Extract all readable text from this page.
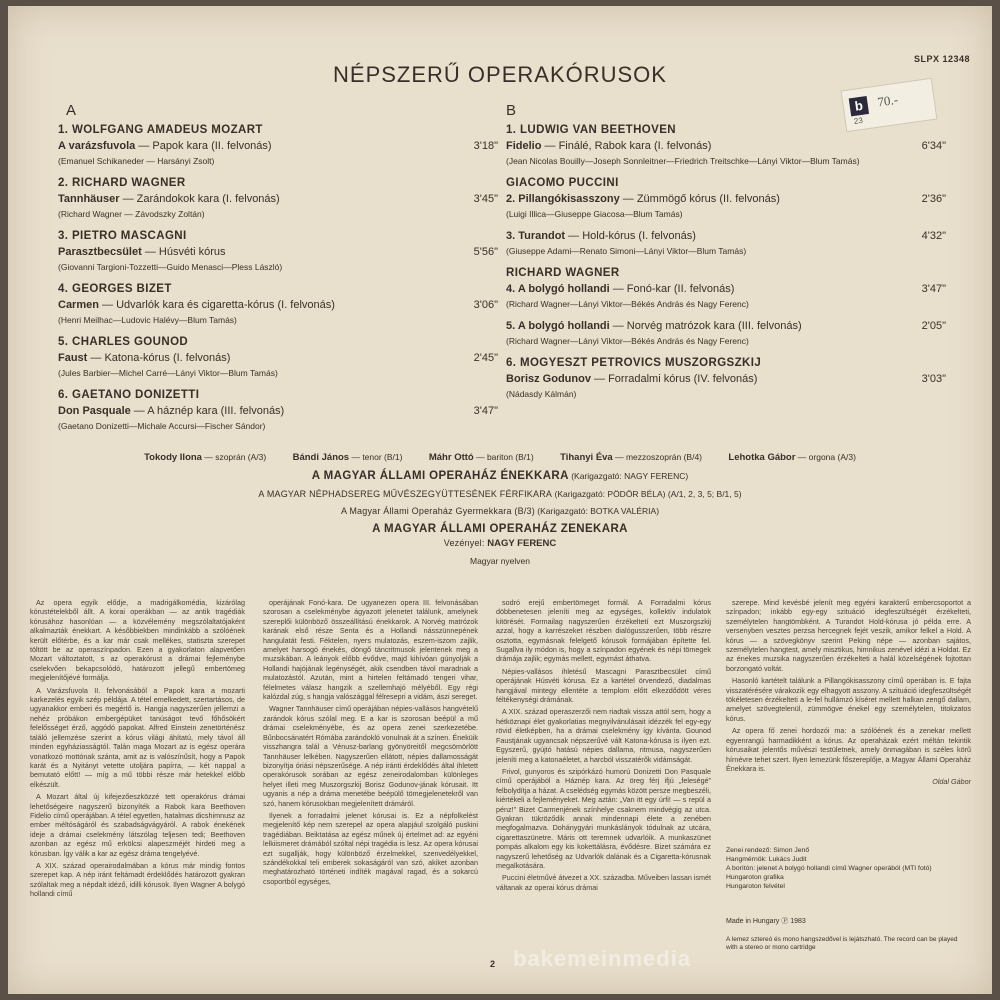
SLPX 12348
b 70.-
23
NÉPSZERŰ OPERAKÓRUSOK
A	B
1. WOLFGANG AMADEUS MOZART
A varázsfuvola — Papok kara (II. felvonás)	3'18"
(Emanuel Schikaneder — Harsányi Zsolt)
2. RICHARD WAGNER
Tannhäuser — Zarándokok kara (I. felvonás)	3'45"
(Richard Wagner — Závodszky Zoltán)
3. PIETRO MASCAGNI
Parasztbecsület — Húsvéti kórus	5'56"
(Giovanni Targioni-Tozzetti—Guido Menasci—Pless László)
4. GEORGES BIZET
Carmen — Udvarlók kara és cigaretta-kórus (I. felvonás)	3'06"
(Henri Meilhac—Ludovic Halévy—Blum Tamás)
5. CHARLES GOUNOD
Faust — Katona-kórus (I. felvonás)	2'45"
(Jules Barbier—Michel Carré—Lányi Viktor—Blum Tamás)
6. GAETANO DONIZETTI
Don Pasquale — A háznép kara (III. felvonás)	3'47"
(Gaetano Donizetti—Michale Accursi—Fischer Sándor)
1. LUDWIG VAN BEETHOVEN
Fidelio — Finálé, Rabok kara (I. felvonás)	6'34"
(Jean Nicolas Bouilly—Joseph Sonnleitner—Friedrich Treitschke—Lányi Viktor—Blum Tamás)
GIACOMO PUCCINI
2. Pillangókisasszony — Zümmögő kórus (II. felvonás)	2'36"
(Luigi Illica—Giuseppe Giacosa—Blum Tamás)
3. Turandot — Hold-kórus (I. felvonás)	4'32"
(Giuseppe Adami—Renato Simoni—Lányi Viktor—Blum Tamás)
RICHARD WAGNER
4. A bolygó hollandi — Fonó-kar (II. felvonás)	3'47"
(Richard Wagner—Lányi Viktor—Békés András és Nagy Ferenc)
5. A bolygó hollandi — Norvég matrózok kara (III. felvonás)	2'05"
(Richard Wagner—Lányi Viktor—Békés András és Nagy Ferenc)
6. MOGYESZT PETROVICS MUSZORGSZKIJ
Borisz Godunov — Forradalmi kórus (IV. felvonás)	3'03"
(Nádasdy Kálmán)
Tokody Ilona — szoprán (A/3)	Bándi János — tenor (B/1)	Máhr Ottó — bariton (B/1)	Tihanyi Éva — mezzoszoprán (B/4)	Lehotka Gábor — orgona (A/3)
A MAGYAR ÁLLAMI OPERAHÁZ ÉNEKKARA (Karigazgató: NAGY FERENC)
A MAGYAR NÉPHADSEREG MŰVÉSZEGYÜTTESÉNEK FÉRFIKARA (Karigazgató: PÖDÖR BÉLA) (A/1, 2, 3, 5; B/1, 5)
A Magyar Állami Operaház Gyermekkara (B/3) (Karigazgató: BOTKA VALÉRIA)
A MAGYAR ÁLLAMI OPERAHÁZ ZENEKARA
Vezényel: NAGY FERENC
Magyar nyelven

Az opera egyik elődje, a madrigálkomédia, kizárólag kórustételekből állt. A korai operákban — az antik tragédiák kórusához hasonlóan — a közvélemény megszólaltatójaként alkalmazták énekkart. A későbbiekben mindinkább a szólóének került előtérbe, és a kar már csak mellékes, statiszta szerepet töltött be az operaszínpadon. Ezen a gyakorlaton alapvetően Mozart változtatott, s az operakórust a drámai fejleménybe cselekvően bekapcsolódó, határozott jellegű embertömeg megjelenítőjévé formálja.

A Varázsfuvola II. felvonásából a Papok kara a mozarti karkezelés egyik szép példája. A tétel emelkedett, szertartásos, de ugyanakkor emberi és megértő is. Hangja nagyszerűen jellemzi a nehéz próbákon embergépüket tanúságot tevő főhősökért felelősséget érző, aggódó papokat. Alfred Einstein zenetörténész találó jellemzése szerint a kórus világi áhítatú, mely távol áll minden egyháziasságtól. Talán maga Mozart az is egész operára vonatkozó mottónak szánta, amit az is valószínűsít, hogy a Papok karát és a Nyitányt vetette utoljára papírra, — két nappal a bemutató előtt! — míg a mű többi része már hetekkel előbb elkészült.

A Mozart által új kifejezőeszközzé tett operakórus drámai lehetőségeire nagyszerű bizonyíték a Rabok kara Beethoven Fidelio című operájában. A tétel egyetlen, hatalmas dicshimnusz az ember méltóságáról és szabadságvágyáról. A rabok énekének ideje a drámai cselekmény látszólag teljesen tedi; Beethoven azonban az egész mű erkölcsi alapeszméjét hirdeti meg a kórusban. Így válik a kar az egész dráma tengelyévé.

A XIX. század operairodalmában a kórus már mindig fontos szerepet kap. A nép iránt feltámadt érdeklődés határozott gyakran szólaltak meg a népdalt idéző, idilli kórusok. Ilyen Wagner A bolygó hollandi című

operájának Fonó-kara. De ugyanezen opera III. felvonásában szorosan a cselekménybe ágyazott jelenetet találunk, amelynek szereplői különböző összeállítású énekkarok. A Norvég matrózok karának első része Senta és a Hollandi násszünnepének hangulatát festi. Féktelen, nyers mulatozás, eszem-iszom zajlik, amelyet harsogó énekés, döngő táncritmusok jelentenek meg a muzsikában. A leányok előbb évődve, majd kihívóan gúnyolják a Hollandi hajójának legénységét, akik csendben távol maradnak a mulatozástól. Azután, mint a hirtelen feltámadó tengeri vihar, félelmetes válasz hangzik a szellemhajó mélyéből. Egy régi kalózdal zúg, s hangja valószággal félresepri a vidám, ászi sereget.

Wagner Tannhäuser című operájában népies-vallásos hangvételű zarándok kórus szólal meg. E a kar is szorosan beépül a mű drámai cselekményébe, és az opera zenei szerkezetébe. Bűnbocsánatért Rómába zarándokló vonulnak át a színen. Éneküik visszhangra talál a Vénusz-barlang gyönyöreitől megcsömörlött Tannhäuser lelkében. Nagyszerűen ellátott, népies dallamosságát bizonyítja óriási népszerűsége. A nép iránti érdeklődés által ihletett operakórusok sorában az egész zeneirodalomban különleges helyet illeti meg Muszorgszkij Borisz Godunov-jának kórusait. Itt ugyanis a nép a dráma menetébe beépülő tömegjelenetekről van szó, hanem kórusokban megjelenített drámáról.

Ilyenek a forradalmi jelenet kórusai is. Ez a népfolkelést megjelenítő kép nem szerepel az opera alapjául szolgáló puskini tragédiában. Beiktatása az egész műnek új értelmet ad: az egyéni lelkiismeret drámából szóltal népi tragédia is lesz. Az opera kórusai ezt sugallják, hogy különböző érzelmekkel, szenvedélyekkel, szándékokkal teli emberek sokaságáról van szó, akiket azonban meghatározható történeti indíték magával ragad, és a sokarcú csoportból egységes,

sodró erejű embertömeget formál. A Forradalmi kórus döbbenetesen jeleníti meg az egységes, kollektív indulatok kitörését. Formailag nagyszerűen érzékeltetí ezt Muszorgszkij azzal, hogy a karrészeket részben dialógusszerűen, több részre osztotta, egymásnak felelgető kórusok formájában építette fel. Sugallva ily módon is, hogy a színpadon egyének és népi tömegek drámája zajlik; egymás mellett, egymást áthatva.

Népies-vallásos ihletésű Mascagni Parasztbecsület című operájának Húsvéti kórusa. Ez a kartétel örvendező, diadalmas hangjával mintegy ellentéte a templom előtt elkezdődött véres féltékenységi drámának.

A XIX. század operaszerzői nem riadtak vissza attól sem, hogy a hétköznapi élet gyakorlatias megnyilvánulásait idézzék fel egy-egy rövid életképben, ha a drámai cselekmény így kívánta. Gounod Faustjának ugyancsak népszerűvé vált Katona-kórusa is ilyen ezt. Egyszerű, gyújtó hatású népies dallama, ritmusa, nagyszerűen jeleníti meg a katonaéletet, a harcból visszatérők vidámságát.

Frivol, gunyoros és szipórkázó humorú Donizetti Don Pasquale című operájából a Háznép kara. Az öreg férj ifjú „feleségé” felbolydítja a házat. A cselédség egymás között persze megbeszéli, kiértékeli a fejleményeket. Meg aztán: „Van itt egy úrfi! — s repül a pénz!” Bizet Carmenjének színhelye csaknem mindvégig az utca. Gyakran tükröződik annak mindennapi élete a zenében megfogalmazva. Dohánygyári munkáslányok tódulnak az utcára, cigarettaszünetre. Máris ott teremnek udvarlóik. A munkaszünet pompás alkalom egy kis kokettálásra, évődésre. Bizet számára ez nagyszerű lehetőség az Udvarlók dalának és a Cigaretta-kórusnak megalkotására.

Puccini életművé átvezet a XX. századba. Műveiben lassan ismét váltanak az operai kórus drámai

szerepe. Mind kevésbé jelenít meg egyéni karakterű embercsoportot a színpadon; inkább egy-egy szituáció idegfeszültségét érzékelteti, személytelen hangtömbként. A Turandot Hold-kórusa jó példa erre. A versenyben vesztes perzsa hercegnek fejét veszik, amikor felkel a Hold. A kórus — a szövegkönyv szerint Peking népe — azonban sajátos, személytelen hangtest, amely misztikus, himnikus zenével idézi a Holdat. Ez az énekes muzsika nagyszerűen érzékelteti a halál közelségének fojtottan borzongató voltát.

Hasonló kartételt találunk a Pillangókisasszony című operában is. E fajta visszatérésére várakozik egy elhagyott asszony. A szituáció idegfeszültségét tökéletesen érzékelteti a le-fel hullámzó kíséret mellett halkan zengő dallam, amelyet szövegtelenül, zümmögve énekel egy személytelen, titokzatos kórus.

Az opera fő zenei hordozói ma: a szólóének és a zenekar mellett egyenrangú harmadikként a kórus. Az operaházak ezért méltán tekintik kórusaikat jelentős művészi testületnek, amely önmagában is széles körű hírnévre tehet szert. Ilyen lemezünk főszereplője, a Magyar Állami Operaház Énekkara is.

Oldal Gábor
Zenei rendező: Simon Jenő
Hangmérnök: Lukács Judit
A borítón: jelenet A bolygó hollandi című Wagner operából (MTI fotó)
Hungaroton grafika
Hungaroton felvétel
Made in Hungary Ⓟ 1983
A lemez sztereó és mono hangszedővel is lejátszható. The record can be played with a stereo or mono cartridge
2 bakemeinmedia
